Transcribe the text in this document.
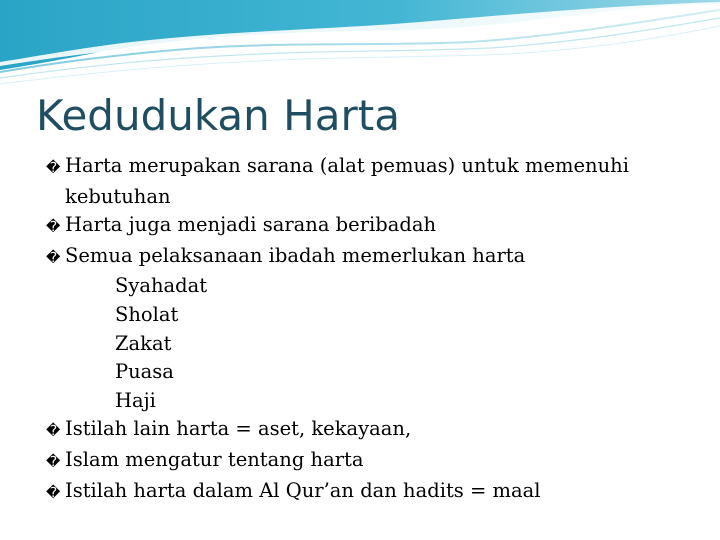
Kedudukan Harta
� Harta merupakan sarana (alat pemuas) untuk memenuhi kebutuhan
� Harta juga menjadi sarana beribadah
� Semua pelaksanaan ibadah memerlukan harta
Syahadat
Sholat
Zakat
Puasa
Haji
� Istilah lain harta = aset, kekayaan,
� Islam mengatur tentang harta
� Istilah harta dalam Al Qur’an dan hadits = maal
